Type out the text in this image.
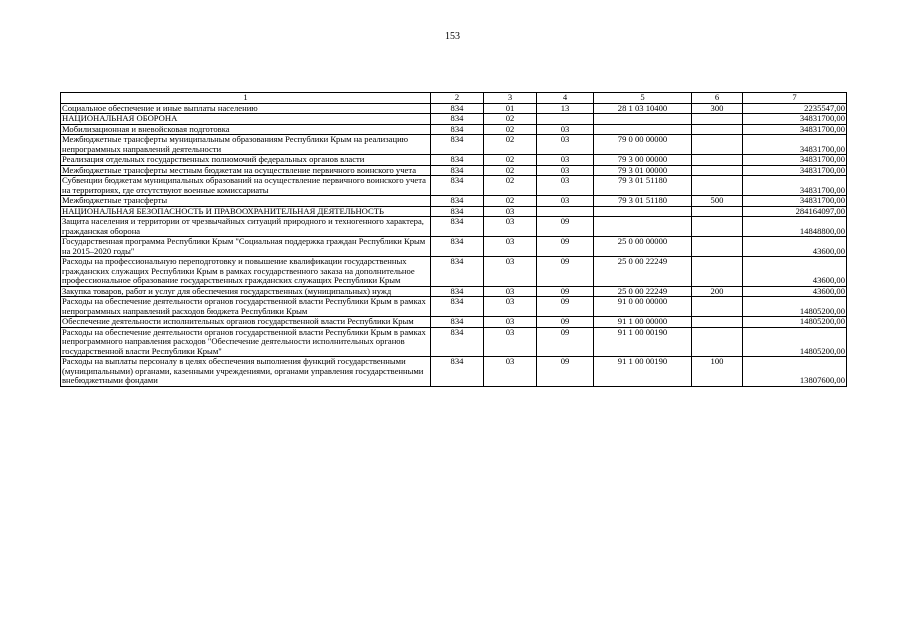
153
1	2	3	4	5	6	7
Социальное обеспечение и иные выплаты населению	834	01	13	28 1 03 10400	300	2235547,00
НАЦИОНАЛЬНАЯ ОБОРОНА	834	02				34831700,00
Мобилизационная и вневойсковая подготовка	834	02	03			34831700,00
Межбюджетные трансферты муниципальным образованиям Республики Крым на реализацию непрограммных направлений деятельности	834	02	03	79 0 00 00000		34831700,00
Реализация отдельных государственных полномочий федеральных органов власти	834	02	03	79 3 00 00000		34831700,00
Межбюджетные трансферты местным бюджетам на осуществление первичного воинского учета	834	02	03	79 3 01 00000		34831700,00
Субвенции бюджетам муниципальных образований на осуществление первичного воинского учета на территориях, где отсутствуют военные комиссариаты	834	02	03	79 3 01 51180		34831700,00
Межбюджетные трансферты	834	02	03	79 3 01 51180	500	34831700,00
НАЦИОНАЛЬНАЯ БЕЗОПАСНОСТЬ И ПРАВООХРАНИТЕЛЬНАЯ ДЕЯТЕЛЬНОСТЬ	834	03				284164097,00
Защита населения и территории от чрезвычайных ситуаций природного и техногенного характера, гражданская оборона	834	03	09			14848800,00
Государственная программа Республики Крым "Социальная поддержка граждан Республики Крым на 2015–2020 годы"	834	03	09	25 0 00 00000		43600,00
Расходы на профессиональную переподготовку и повышение квалификации государственных гражданских служащих Республики Крым в рамках государственного заказа на дополнительное профессиональное образование государственных гражданских служащих Республики Крым	834	03	09	25 0 00 22249		43600,00
Закупка товаров, работ и услуг для обеспечения государственных (муниципальных) нужд	834	03	09	25 0 00 22249	200	43600,00
Расходы на обеспечение деятельности органов государственной власти Республики Крым в рамках непрограммных направлений расходов бюджета Республики Крым	834	03	09	91 0 00 00000		14805200,00
Обеспечение деятельности исполнительных органов государственной власти Республики Крым	834	03	09	91 1 00 00000		14805200,00
Расходы на обеспечение деятельности органов государственной власти Республики Крым в рамках непрограммного направления расходов "Обеспечение деятельности исполнительных органов государственной власти Республики Крым"	834	03	09	91 1 00 00190		14805200,00
Расходы на выплаты персоналу в целях обеспечения выполнения функций государственными (муниципальными) органами, казенными учреждениями, органами управления государственными внебюджетными фондами	834	03	09	91 1 00 00190	100	13807600,00
